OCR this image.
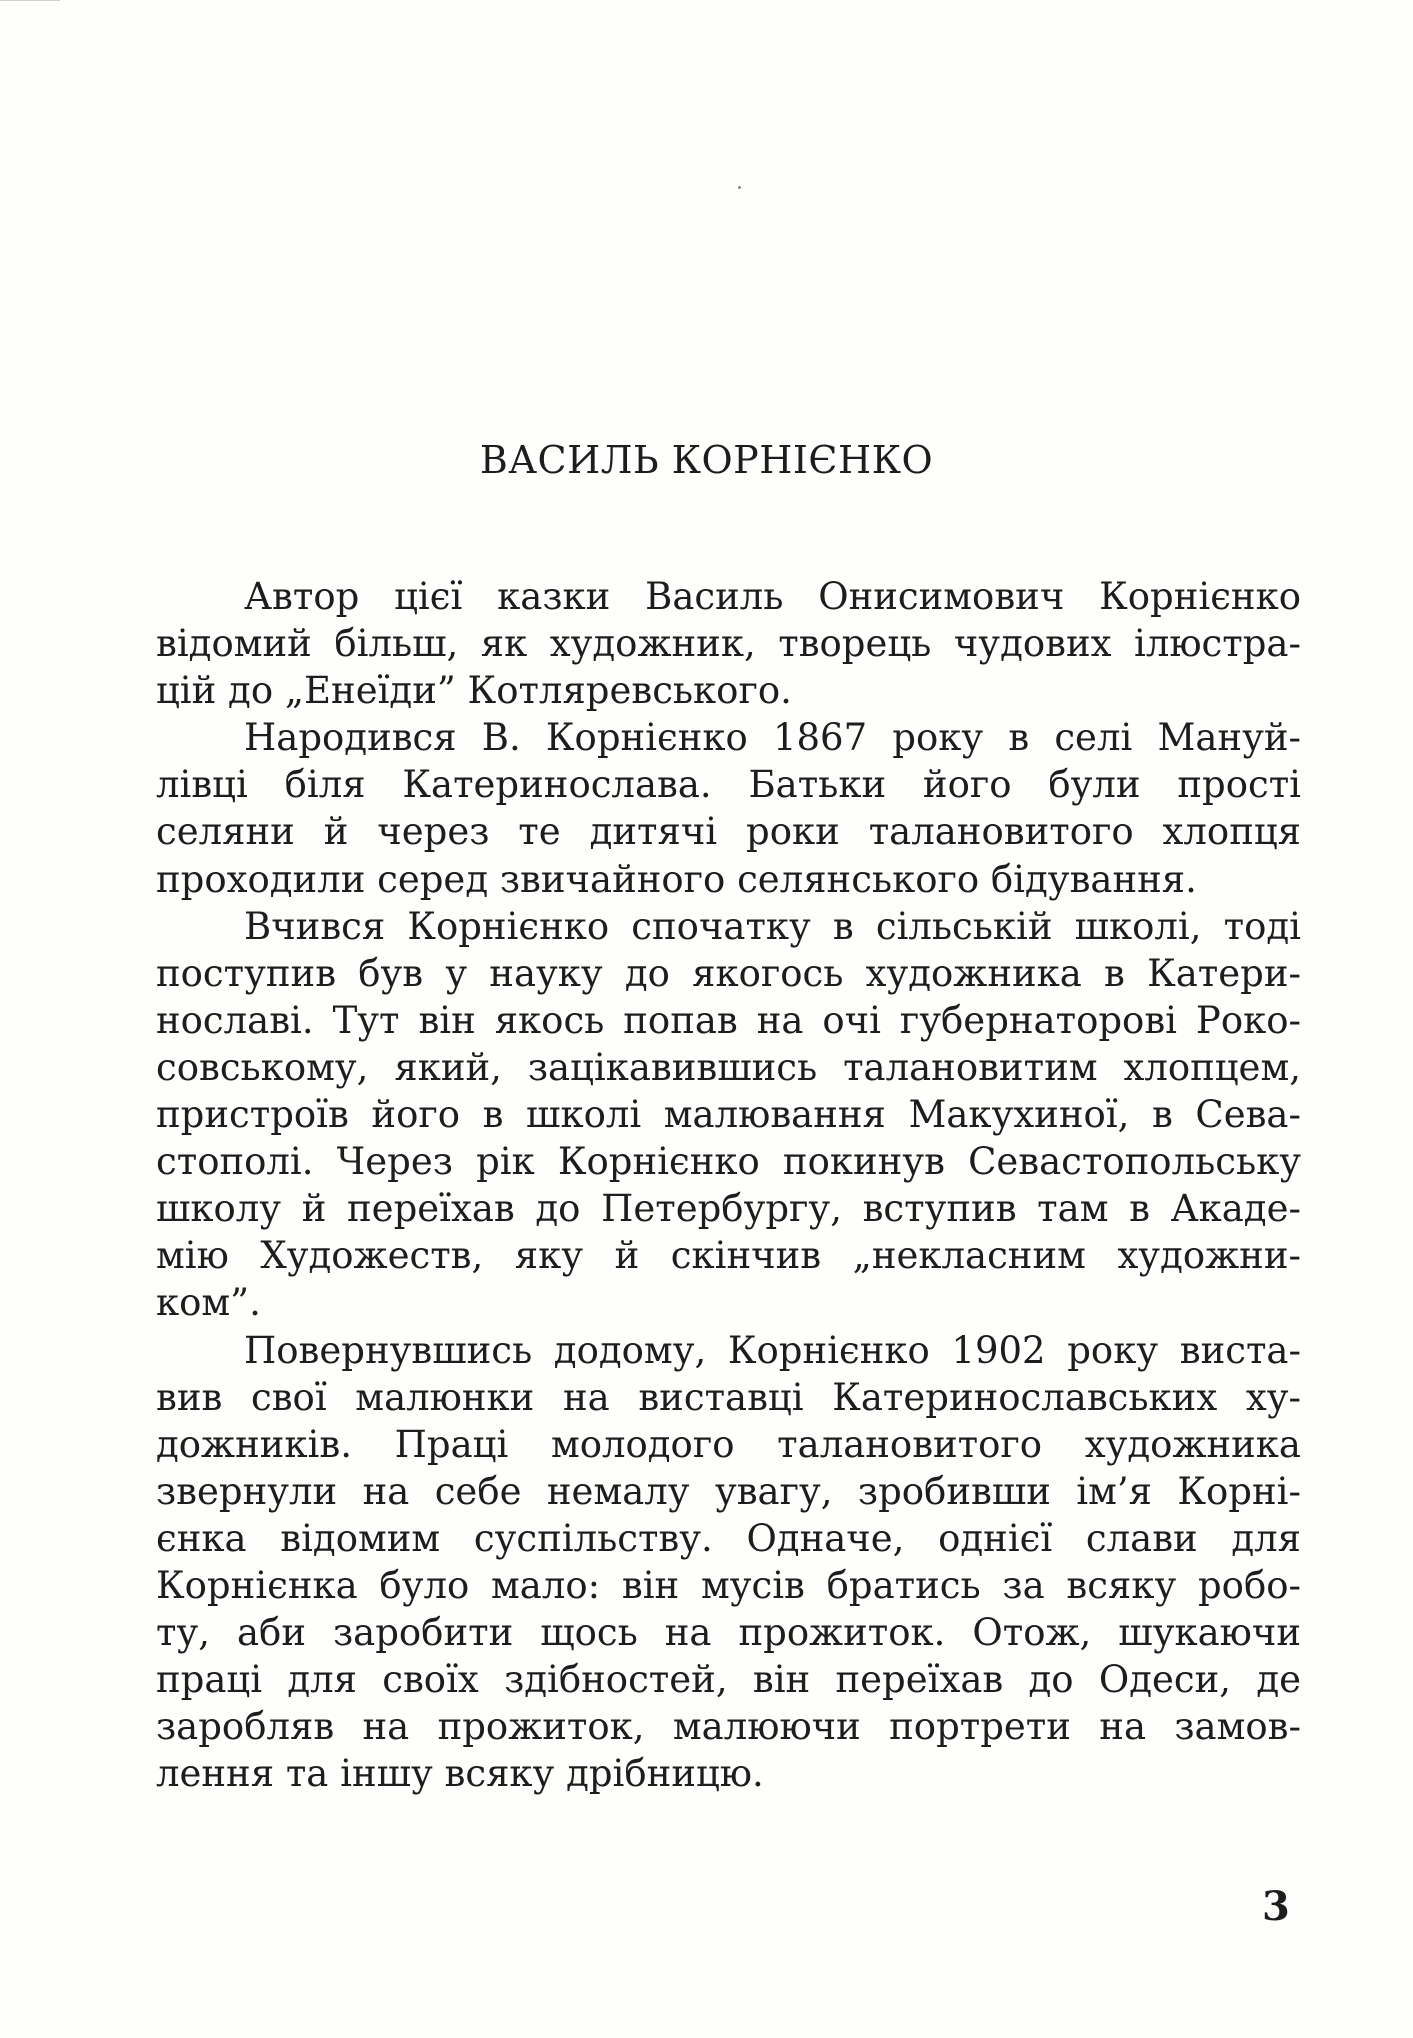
ВАСИЛЬ КОРНІЄНКО
Автор цієї казки Василь Онисимович Корнієнко
відомий більш, як художник, творець чудових ілюстра-
цій до „Енеїди” Котляревського.
Народився В. Корнієнко 1867 року в селі Мануй-
лівці біля Катеринослава. Батьки його були прості
селяни й через те дитячі роки талановитого хлопця
проходили серед звичайного селянського бідування.
Вчився Корнієнко спочатку в сільській школі, тоді
поступив був у науку до якогось художника в Катери-
нославі. Тут він якось попав на очі губернаторові Роко-
совському, який, зацікавившись талановитим хлопцем,
пристроїв його в школі малювання Макухиної, в Сева-
стополі. Через рік Корнієнко покинув Севастопольську
школу й переїхав до Петербургу, вступив там в Акаде-
мію Художеств, яку й скінчив „некласним художни-
ком”.
Повернувшись додому, Корнієнко 1902 року вистa-
вив свої малюнки на виставці Катеринославських ху-
дожників. Праці молодого талановитого художника
звернули на себе немалу увагу, зробивши ім’я Корні-
єнка відомим суспільству. Одначе, однієї слави для
Корнієнка було мало: він мусів братись за всяку робо-
ту, аби заробити щось на прожиток. Отож, шукаючи
праці для своїх здібностей, він переїхав до Одеси, де
заробляв на прожиток, малюючи портрети на замов-
лення та іншу всяку дрібницю.
3
